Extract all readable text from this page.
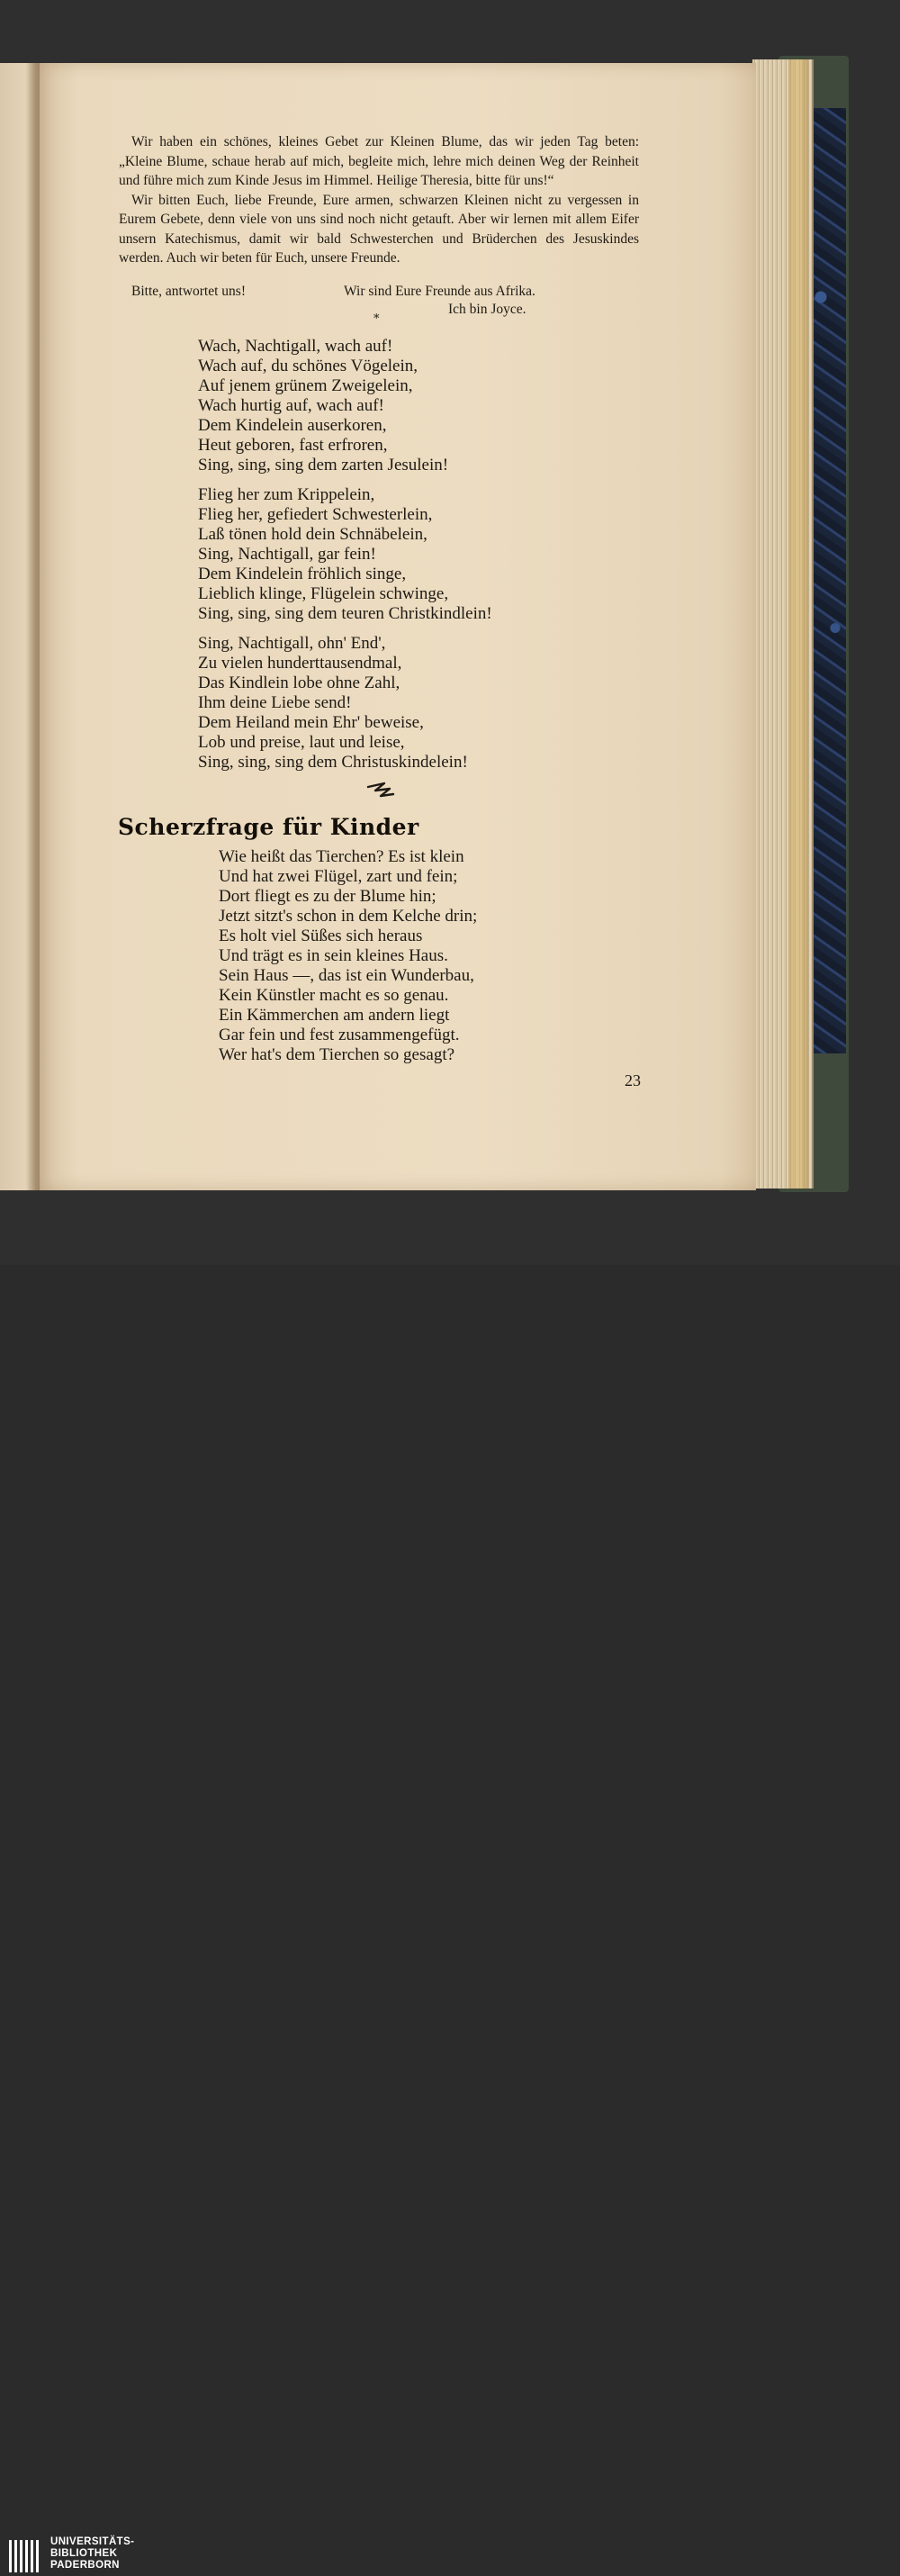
Wir haben ein schönes, kleines Gebet zur Kleinen Blume, das wir jeden Tag beten: „Kleine Blume, schaue herab auf mich, begleite mich, lehre mich deinen Weg der Reinheit und führe mich zum Kinde Jesus im Himmel. Heilige Theresia, bitte für uns!“

Wir bitten Euch, liebe Freunde, Eure armen, schwarzen Kleinen nicht zu vergessen in Eurem Gebete, denn viele von uns sind noch nicht getauft. Aber wir lernen mit allem Eifer unsern Katechismus, damit wir bald Schwesterchen und Brüderchen des Jesuskindes werden. Auch wir beten für Euch, unsere Freunde.

Bitte, antwortet uns!	Wir sind Eure Freunde aus Afrika.
Ich bin Joyce.
*
Wach, Nachtigall, wach auf!
Wach auf, du schönes Vögelein,
Auf jenem grünem Zweigelein,
Wach hurtig auf, wach auf!
Dem Kindelein auserkoren,
Heut geboren, fast erfroren,
Sing, sing, sing dem zarten Jesulein!
Flieg her zum Krippelein,
Flieg her, gefiedert Schwesterlein,
Laß tönen hold dein Schnäbelein,
Sing, Nachtigall, gar fein!
Dem Kindelein fröhlich singe,
Lieblich klinge, Flügelein schwinge,
Sing, sing, sing dem teuren Christkindlein!
Sing, Nachtigall, ohn' End',
Zu vielen hunderttausendmal,
Das Kindlein lobe ohne Zahl,
Ihm deine Liebe send!
Dem Heiland mein Ehr' beweise,
Lob und preise, laut und leise,
Sing, sing, sing dem Christuskindelein!
Scherzfrage für Kinder
Wie heißt das Tierchen? Es ist klein
Und hat zwei Flügel, zart und fein;
Dort fliegt es zu der Blume hin;
Jetzt sitzt's schon in dem Kelche drin;
Es holt viel Süßes sich heraus
Und trägt es in sein kleines Haus.
Sein Haus —, das ist ein Wunderbau,
Kein Künstler macht es so genau.
Ein Kämmerchen am andern liegt
Gar fein und fest zusammengefügt.
Wer hat's dem Tierchen so gesagt?
23
UNIVERSITÄTS-
BIBLIOTHEK
PADERBORN
